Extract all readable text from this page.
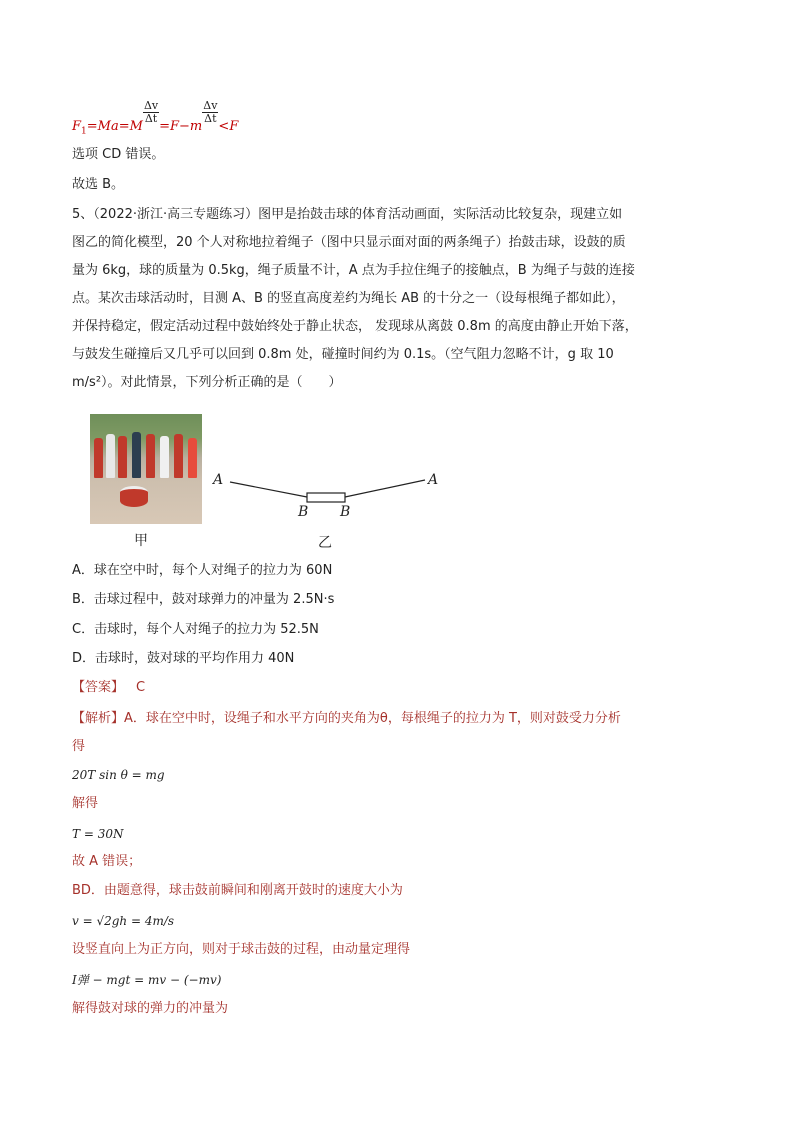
$F_1=Ma=M$
$\frac{\Delta v}{\Delta t}$
=F−m
$\frac{\Delta v}{\Delta t}$
<F
选项 CD 错误。
故选 B。
5、（2022·浙江·高三专题练习）图甲是抬鼓击球的体育活动画面，实际活动比较复杂，现建立如
图乙的简化模型，20 个人对称地拉着绳子（图中只显示面对面的两条绳子）抬鼓击球，设鼓的质
量为 6kg，球的质量为 0.5kg，绳子质量不计，A 点为手拉住绳子的接触点，B 为绳子与鼓的连接
点。某次击球活动时，目测 A、B 的竖直高度差约为绳长 AB 的十分之一（设每根绳子都如此），
并保持稳定，假定活动过程中鼓始终处于静止状态， 发现球从离鼓 0.8m 的高度由静止开始下落，
与鼓发生碰撞后又几乎可以回到 0.8m 处，碰撞时间约为 0.1s。（空气阻力忽略不计，g 取 10
m/s²）。对此情景，下列分析正确的是（　　）
甲
A	A
B B
乙
A．球在空中时，每个人对绳子的拉力为 60N
B．击球过程中，鼓对球弹力的冲量为 2.5N·s
C．击球时，每个人对绳子的拉力为 52.5N
D．击球时，鼓对球的平均作用力 40N
【答案】 C
【解析】A．球在空中时，设绳子和水平方向的夹角为θ，每根绳子的拉力为 T，则对鼓受力分析
得
20T sin θ = mg
解得
T = 30N
故 A 错误；
BD．由题意得，球击鼓前瞬间和刚离开鼓时的速度大小为
v = √2gh = 4m/s
设竖直向上为正方向，则对于球击鼓的过程，由动量定理得
I弹 − mgt = mv − (−mv)
解得鼓对球的弹力的冲量为
